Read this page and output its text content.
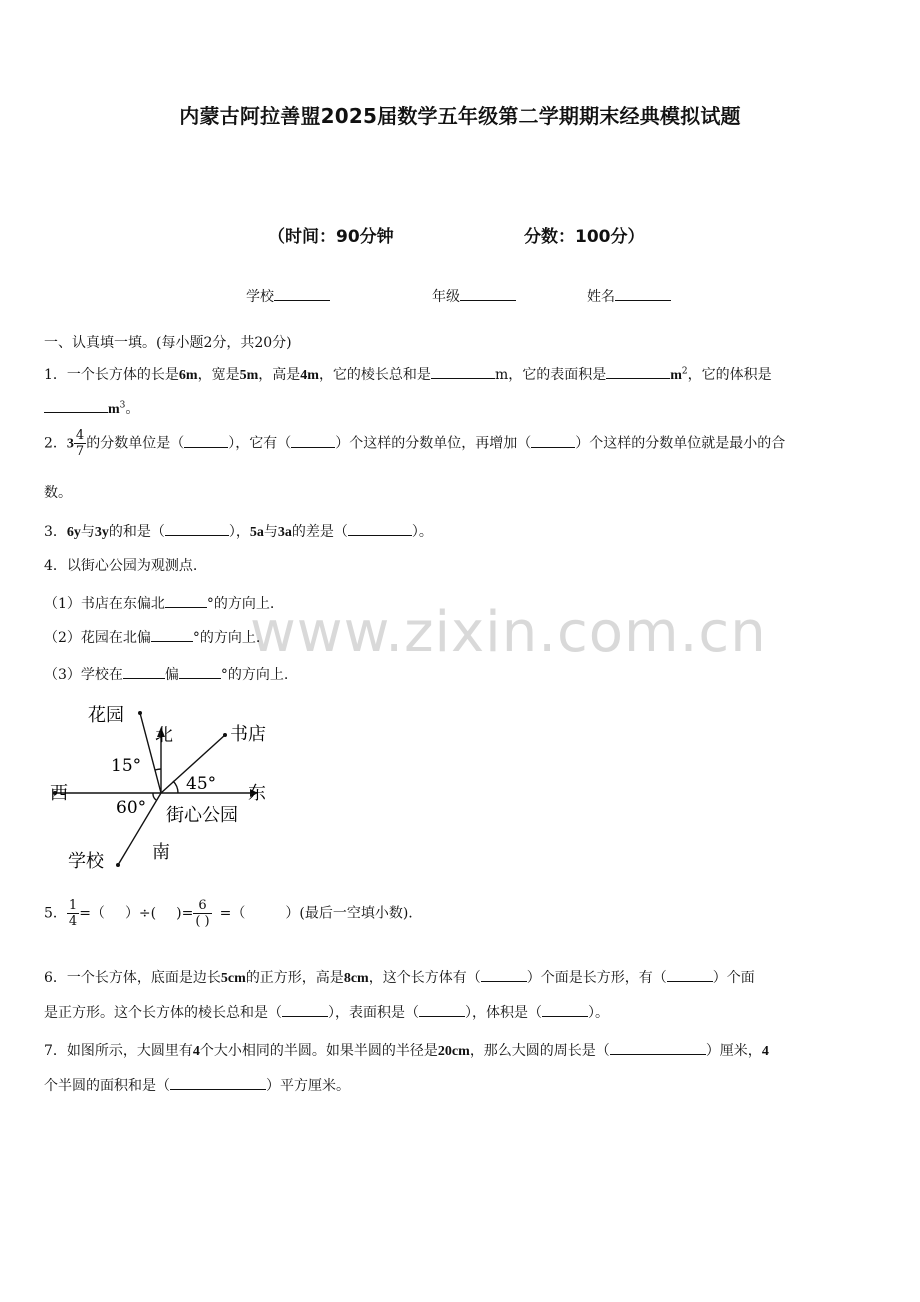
内蒙古阿拉善盟2025届数学五年级第二学期期末经典模拟试题
（时间：90分钟	分数：100分）
学校	年级	姓名
www.zixin.com.cn
一、认真填一填。(每小题2分，共20分)
1．一个长方体的长是6m，宽是5m，高是4m，它的棱长总和是	m，它的表面积是	$m^2$，它的体积是
$m^3$。
2．$3 \frac{4}{7}$ 的分数单位是（	），它有（	）个这样的分数单位，再增加（	）个这样的分数单位就是最小的合
数。
3．6y与3y的和是（	），5a与3a的差是（	）。
4．以街心公园为观测点.
（1）书店在东偏北	°的方向上.
（2）花园在北偏	°的方向上.
（3）学校在	偏	°的方向上.
花园
北	书店
西	东
南
学校
街心公园
15°
45°
60°
5． $\frac{1}{4}$ =（ ）÷( )= $\frac{6}{( )}$ =（	）(最后一空填小数).
6．一个长方体，底面是边长5cm的正方形，高是8cm，这个长方体有（	）个面是长方形，有（	）个面
是正方形。这个长方体的棱长总和是（	），表面积是（	），体积是（	）。
7．如图所示，大圆里有4个大小相同的半圆。如果半圆的半径是20cm，那么大圆的周长是（	）厘米，4
个半圆的面积和是（	）平方厘米。
